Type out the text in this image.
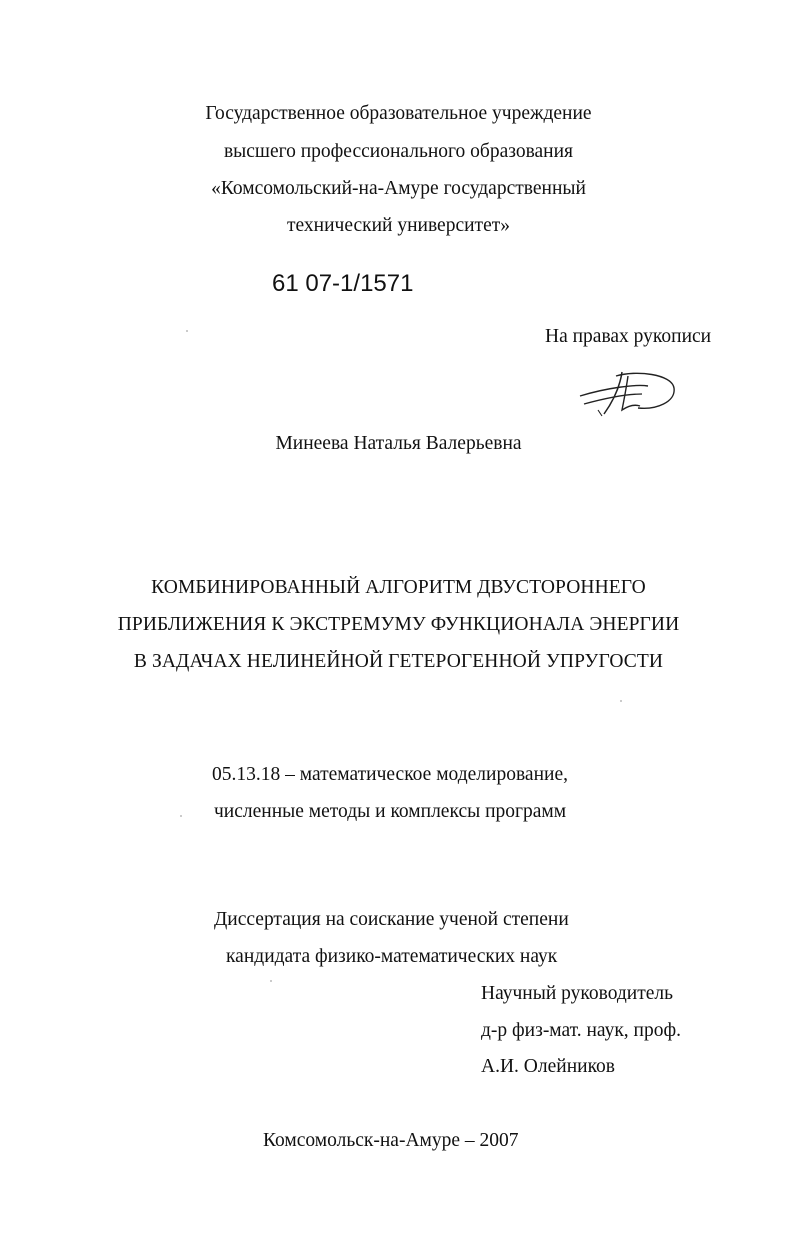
Государственное образовательное учреждение
высшего профессионального образования
«Комсомольский-на-Амуре государственный
технический университет»
61 07-1/1571
На правах рукописи
Минеева Наталья Валерьевна
КОМБИНИРОВАННЫЙ АЛГОРИТМ ДВУСТОРОННЕГО
ПРИБЛИЖЕНИЯ К ЭКСТРЕМУМУ ФУНКЦИОНАЛА ЭНЕРГИИ
В ЗАДАЧАХ НЕЛИНЕЙНОЙ ГЕТЕРОГЕННОЙ УПРУГОСТИ
05.13.18 – математическое моделирование,
численные методы и комплексы программ
Диссертация на соискание ученой степени
кандидата физико-математических наук
Научный руководитель
д-р физ-мат. наук, проф.
А.И. Олейников
Комсомольск-на-Амуре – 2007
